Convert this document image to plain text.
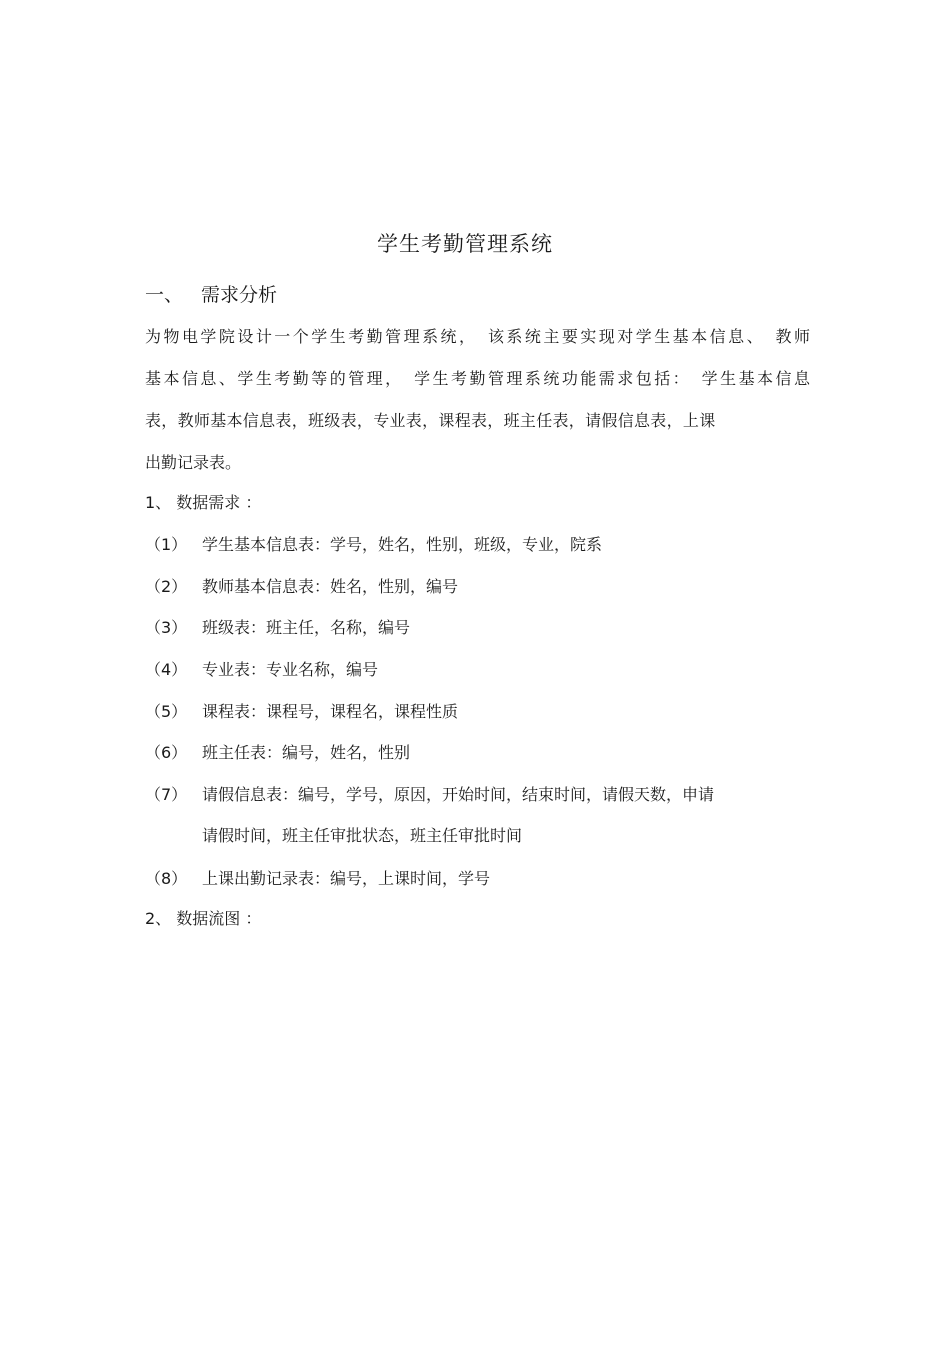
学生考勤管理系统
一、 需求分析
为物电学院设计一个学生考勤管理系统，　该系统主要实现对学生基本信息、　教师
基本信息、学生考勤等的管理，　学生考勤管理系统功能需求包括：　学生基本信息
表，教师基本信息表，班级表，专业表，课程表，班主任表，请假信息表，上课
出勤记录表。
1、 数据需求 ：
（1） 学生基本信息表：学号，姓名，性别，班级，专业，院系
（2） 教师基本信息表：姓名，性别，编号
（3） 班级表：班主任，名称，编号
（4） 专业表：专业名称，编号
（5） 课程表：课程号，课程名，课程性质
（6） 班主任表：编号，姓名，性别
（7） 请假信息表：编号，学号，原因，开始时间，结束时间，请假天数，申请
请假时间，班主任审批状态，班主任审批时间
（8） 上课出勤记录表：编号，上课时间，学号
2、 数据流图 ：
